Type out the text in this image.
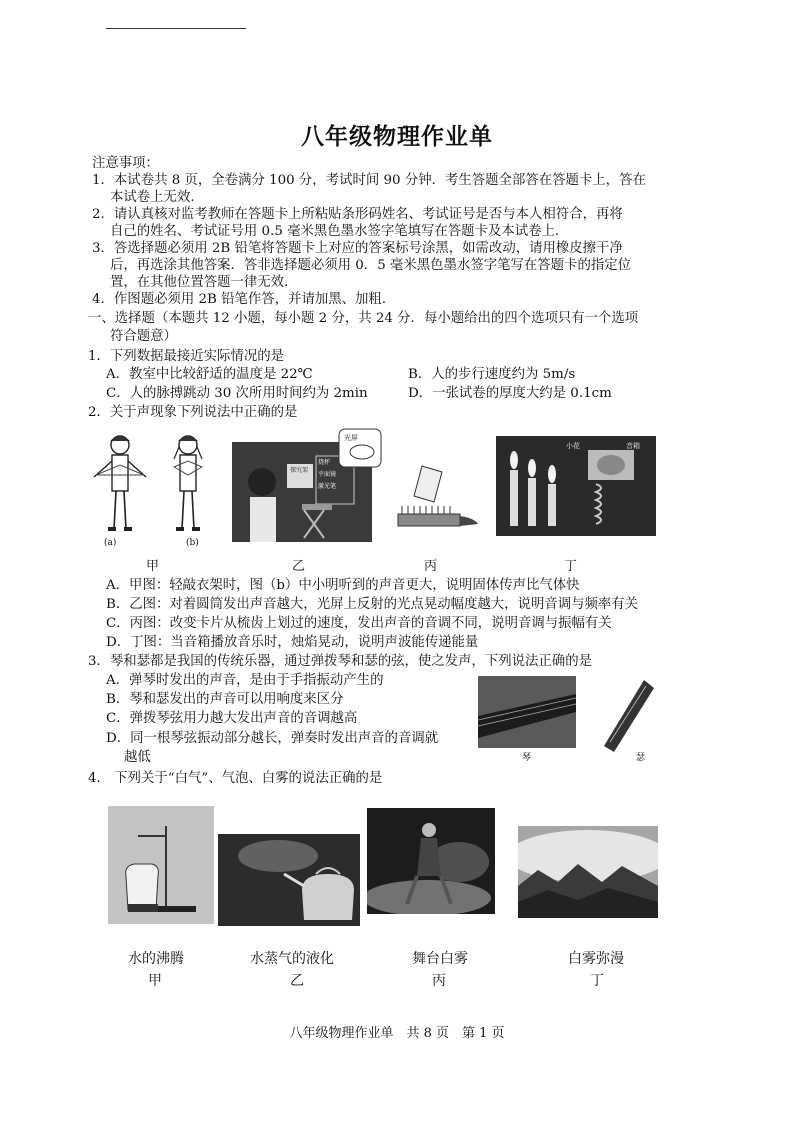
八年级物理作业单
注意事项：
1．本试卷共 8 页，全卷满分 100 分，考试时间 90 分钟．考生答题全部答在答题卡上，答在
本试卷上无效．
2．请认真核对监考教师在答题卡上所粘贴条形码姓名、考试证号是否与本人相符合，再将
自己的姓名、考试证号用 0.5 毫米黑色墨水签字笔填写在答题卡及本试卷上．
3．答选择题必须用 2B 铅笔将答题卡上对应的答案标号涂黑，如需改动，请用橡皮擦干净
后，再选涂其他答案．答非选择题必须用 0．5 毫米黑色墨水签字笔写在答题卡的指定位
置，在其他位置答题一律无效．
4．作图题必须用 2B 铅笔作答，并请加黑、加粗．
一、选择题（本题共 12 小题，每小题 2 分，共 24 分．每小题给出的四个选项只有一个选项
符合题意）
1．下列数据最接近实际情况的是
A．教室中比较舒适的温度是 22℃	B．人的步行速度约为 5m/s
C．人的脉搏跳动 30 次所用时间约为 2min	D．一张试卷的厚度大约是 0.1cm
2．关于声现象下列说法中正确的是
(a)	(b)
烧杯
平面镜
激光笔
探究架
光屏
小花	音箱
甲	乙	丙	丁
A．甲图：轻敲衣架时，图（b）中小明听到的声音更大，说明固体传声比气体快
B．乙图：对着圆筒发出声音越大，光屏上反射的光点晃动幅度越大，说明音调与频率有关
C．丙图：改变卡片从梳齿上划过的速度，发出声音的音调不同，说明音调与振幅有关
D．丁图：当音箱播放音乐时，烛焰晃动，说明声波能传递能量
3．琴和瑟都是我国的传统乐器，通过弹拨琴和瑟的弦，使之发声，下列说法正确的是
A．弹琴时发出的声音，是由于手指振动产生的
B．琴和瑟发出的声音可以用响度来区分
C．弹拨琴弦用力越大发出声音的音调越高
D．同一根琴弦振动部分越长，弹奏时发出声音的音调就
越低	琴	瑟
4． 下列关于“白气”、气泡、白雾的说法正确的是
水的沸腾
甲
水蒸气的液化
乙
舞台白雾
丙
白雾弥漫
丁
八年级物理作业单　共 8 页　第 1 页
